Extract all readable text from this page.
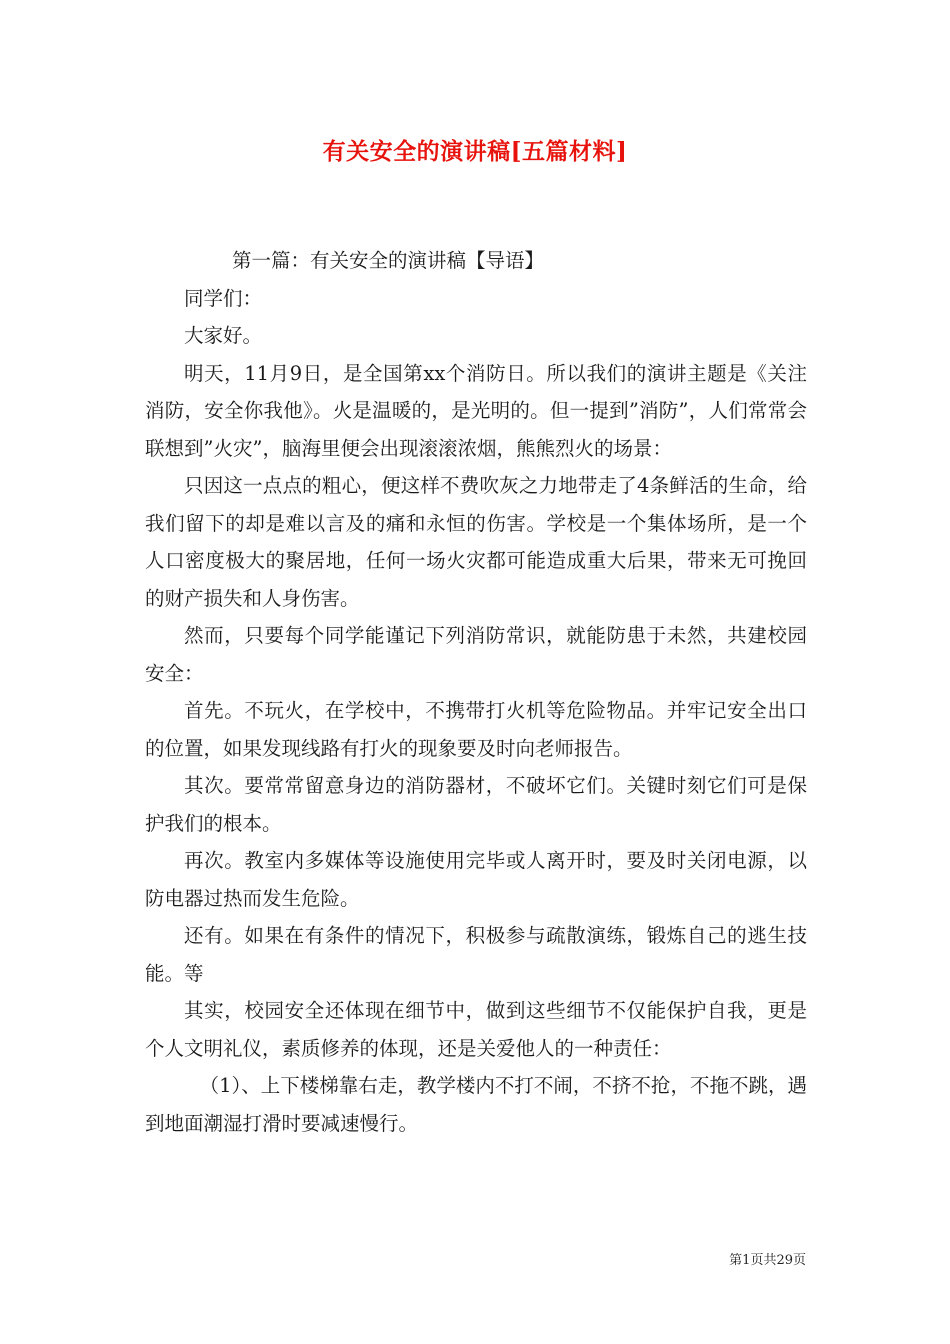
有关安全的演讲稿[五篇材料]

第一篇：有关安全的演讲稿【导语】

同学们：

大家好。

明天，11月9日，是全国第xx个消防日。所以我们的演讲主题是《关注消防，安全你我他》。火是温暖的，是光明的。但一提到”消防”，人们常常会联想到”火灾”，脑海里便会出现滚滚浓烟，熊熊烈火的场景：

只因这一点点的粗心，便这样不费吹灰之力地带走了4条鲜活的生命，给我们留下的却是难以言及的痛和永恒的伤害。学校是一个集体场所，是一个人口密度极大的聚居地，任何一场火灾都可能造成重大后果，带来无可挽回的财产损失和人身伤害。

然而，只要每个同学能谨记下列消防常识，就能防患于未然，共建校园安全：

首先。不玩火，在学校中，不携带打火机等危险物品。并牢记安全出口的位置，如果发现线路有打火的现象要及时向老师报告。

其次。要常常留意身边的消防器材，不破坏它们。关键时刻它们可是保护我们的根本。

再次。教室内多媒体等设施使用完毕或人离开时，要及时关闭电源，以防电器过热而发生危险。

还有。如果在有条件的情况下，积极参与疏散演练，锻炼自己的逃生技能。等

其实，校园安全还体现在细节中，做到这些细节不仅能保护自我，更是个人文明礼仪，素质修养的体现，还是关爱他人的一种责任：

（1）、上下楼梯靠右走，教学楼内不打不闹，不挤不抢，不拖不跳，遇到地面潮湿打滑时要减速慢行。

第1页共29页
